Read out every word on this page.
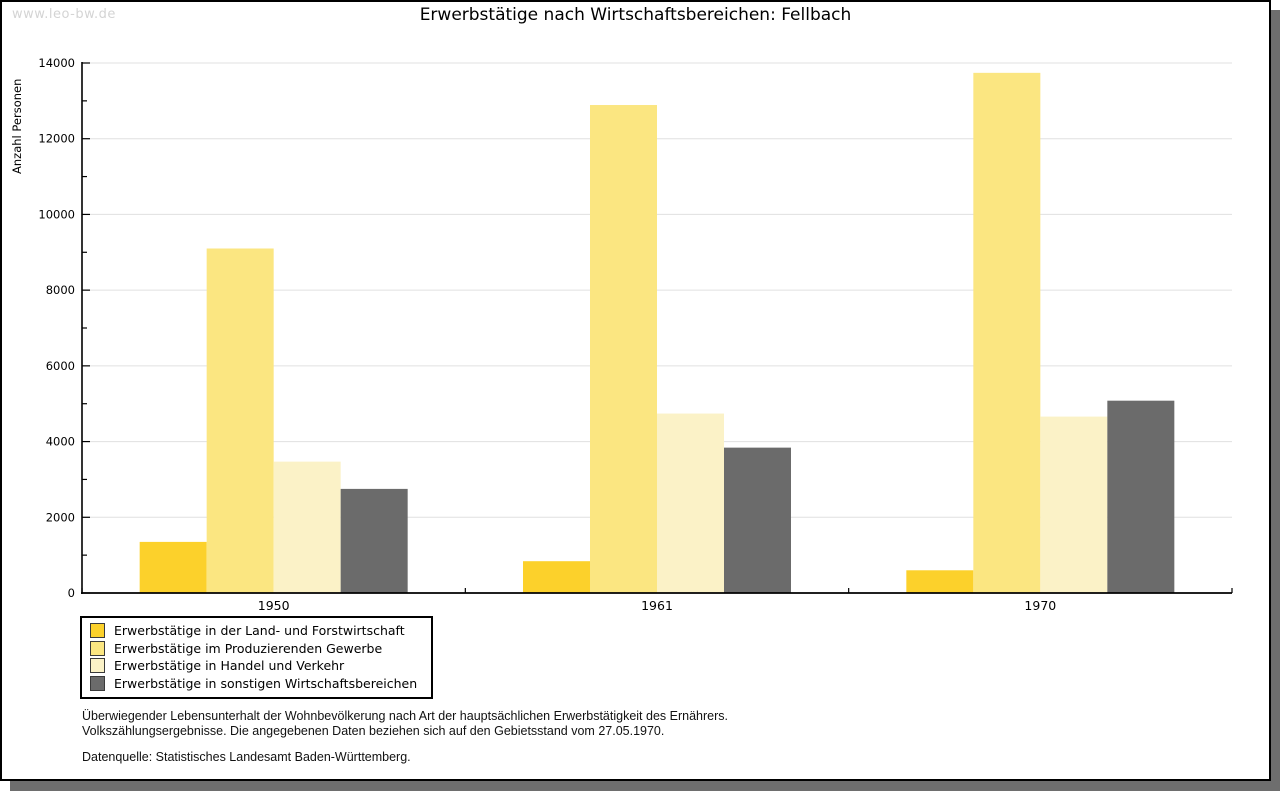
www.leo-bw.de	Erwerbstätige nach Wirtschaftsbereichen: Fellbach
Anzahl Personen
1950	1961	1970
0
2000
4000
6000
8000
10000
12000
14000
Erwerbstätige in der Land- und Forstwirtschaft
Erwerbstätige im Produzierenden Gewerbe
Erwerbstätige in Handel und Verkehr
Erwerbstätige in sonstigen Wirtschaftsbereichen
Überwiegender Lebensunterhalt der Wohnbevölkerung nach Art der hauptsächlichen Erwerbstätigkeit des Ernährers.
Volkszählungsergebnisse. Die angegebenen Daten beziehen sich auf den Gebietsstand vom 27.05.1970.
Datenquelle: Statistisches Landesamt Baden-Württemberg.
